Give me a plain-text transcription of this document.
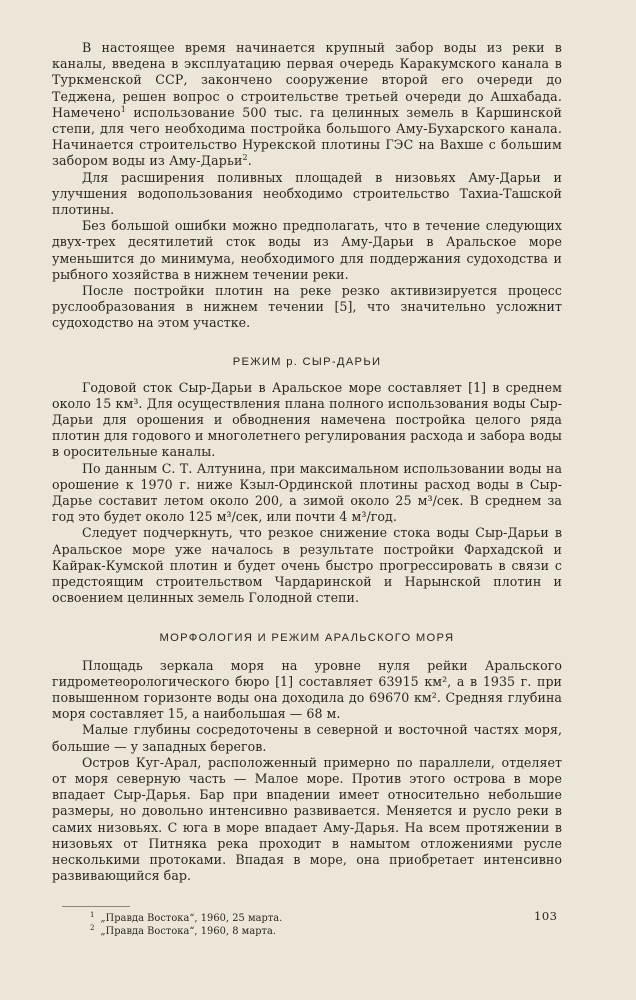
В настоящее время начинается крупный забор воды из реки в каналы, введена в эксплуатацию первая очередь Каракумского канала в Туркменской ССР, закончено сооружение второй его очереди до Теджена, решен вопрос о строительстве третьей очереди до Ашхабада. Намечено$^1$ использование 500 тыс. га целинных земель в Каршинской степи, для чего необходима постройка большого Аму-Бухарского канала. Начинается строительство Нурекской плотины ГЭС на Вахше с большим забором воды из Аму-Дарьи$^2$.

Для расширения поливных площадей в низовьях Аму-Дарьи и улучшения водопользования необходимо строительство Тахиа-Ташской плотины.

Без большой ошибки можно предполагать, что в течение следующих двух-трех десятилетий сток воды из Аму-Дарьи в Аральское море уменьшится до минимума, необходимого для поддержания судоходства и рыбного хозяйства в нижнем течении реки.

После постройки плотин на реке резко активизируется процесс руслообразования в нижнем течении [5], что значительно усложнит судоходство на этом участке.

РЕЖИМ р. СЫР-ДАРЬИ

Годовой сток Сыр-Дарьи в Аральское море составляет [1] в среднем около 15 км³. Для осуществления плана полного использования воды Сыр-Дарьи для орошения и обводнения намечена постройка целого ряда плотин для годового и многолетнего регулирования расхода и забора воды в оросительные каналы.

По данным С. Т. Алтунина, при максимальном использовании воды на орошение к 1970 г. ниже Кзыл-Ординской плотины расход воды в Сыр-Дарье составит летом около 200, а зимой около 25 м³/сек. В среднем за год это будет около 125 м³/сек, или почти 4 м³/год.

Следует подчеркнуть, что резкое снижение стока воды Сыр-Дарьи в Аральское море уже началось в результате постройки Фархадской и Кайрак-Кумской плотин и будет очень быстро прогрессировать в связи с предстоящим строительством Чардаринской и Нарынской плотин и освоением целинных земель Голодной степи.

МОРФОЛОГИЯ И РЕЖИМ АРАЛЬСКОГО МОРЯ

Площадь зеркала моря на уровне нуля рейки Аральского гидрометеорологического бюро [1] составляет 63915 км², а в 1935 г. при повышенном горизонте воды она доходила до 69670 км². Средняя глубина моря составляет 15, а наибольшая — 68 м.

Малые глубины сосредоточены в северной и восточной частях моря, большие — у западных берегов.

Остров Куг-Арал, расположенный примерно по параллели, отделяет от моря северную часть — Малое море. Против этого острова в море впадает Сыр-Дарья. Бар при впадении имеет относительно небольшие размеры, но довольно интенсивно развивается. Меняется и русло реки в самих низовьях. С юга в море впадает Аму-Дарья. На всем протяжении в низовьях от Питняка река проходит в намытом отложениями русле несколькими протоками. Впадая в море, она приобретает интенсивно развивающийся бар.

$^1$ „Правда Востока“, 1960, 25 марта.

$^2$ „Правда Востока“, 1960, 8 марта.

103
